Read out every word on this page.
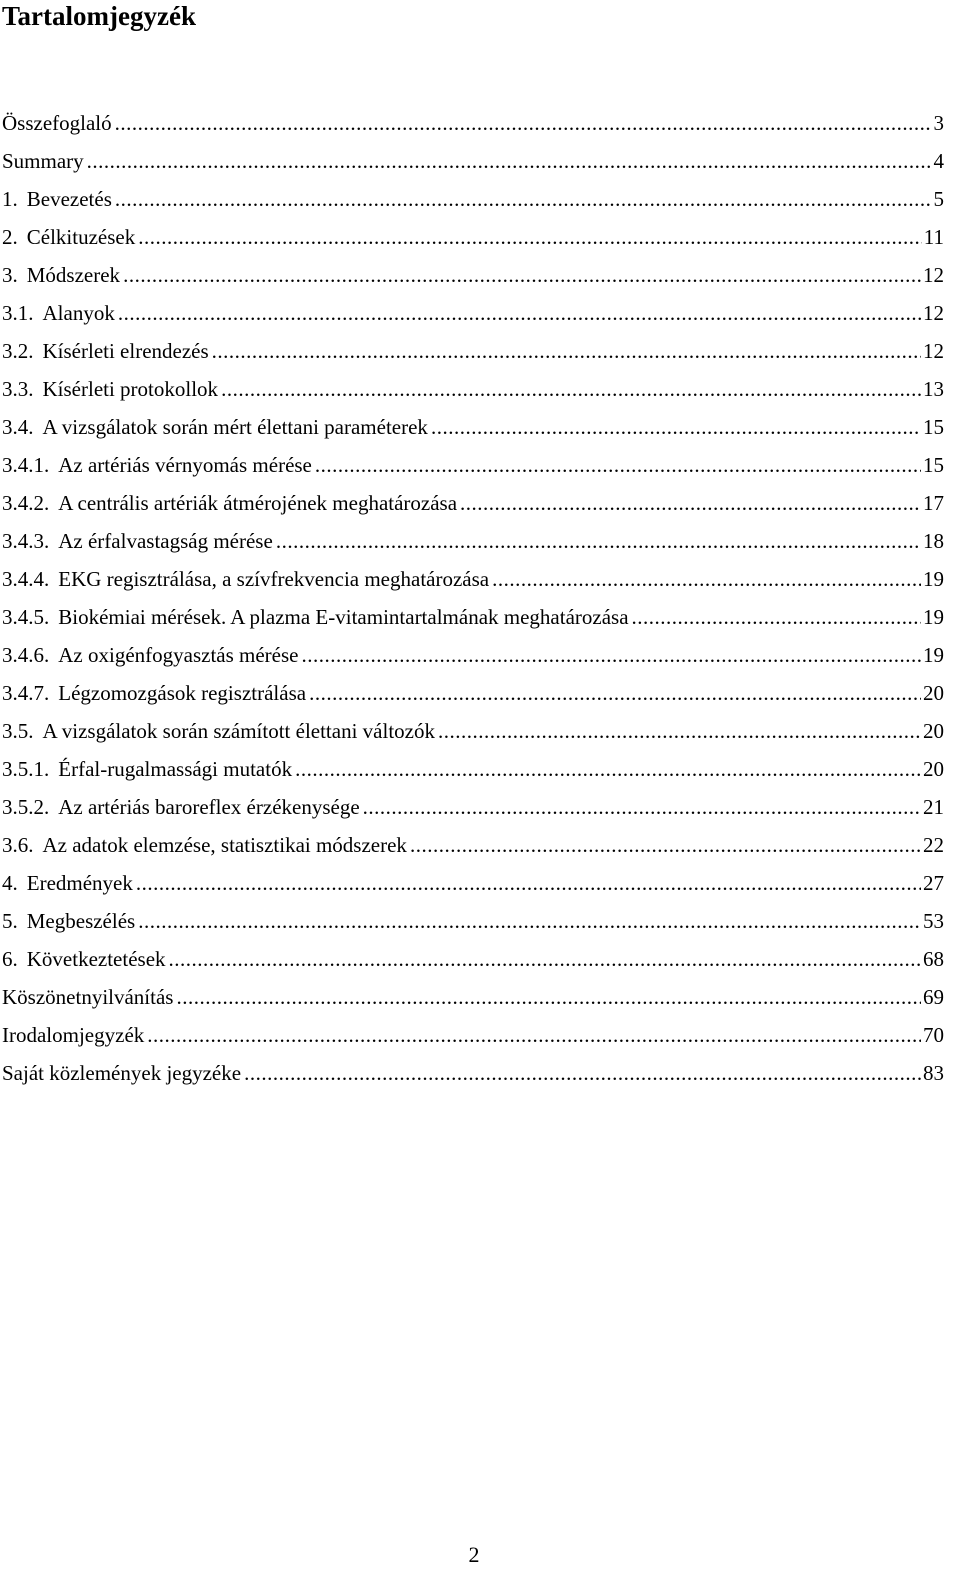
Tartalomjegyzék
Összefoglaló .....	3
Summary .....	4
1. Bevezetés .....	5
2. Célkituzések .....	11
3. Módszerek .....	12
3.1. Alanyok .....	12
3.2. Kísérleti elrendezés .....	12
3.3. Kísérleti protokollok .....	13
3.4. A vizsgálatok során mért élettani paraméterek .....	15
3.4.1. Az artériás vérnyomás mérése .....	15
3.4.2. A centrális artériák átmérojének meghatározása .....	17
3.4.3. Az érfalvastagság mérése .....	18
3.4.4. EKG regisztrálása, a szívfrekvencia meghatározása .....	19
3.4.5. Biokémiai mérések. A plazma E-vitamintartalmának meghatározása .....	19
3.4.6. Az oxigénfogyasztás mérése .....	19
3.4.7. Légzomozgások regisztrálása .....	20
3.5. A vizsgálatok során számított élettani változók .....	20
3.5.1. Érfal-rugalmassági mutatók .....	20
3.5.2. Az artériás baroreflex érzékenysége .....	21
3.6. Az adatok elemzése, statisztikai módszerek .....	22
4. Eredmények .....	27
5. Megbeszélés .....	53
6. Következtetések .....	68
Köszönetnyilvánítás .....	69
Irodalomjegyzék .....	70
Saját közlemények jegyzéke .....	83
2
